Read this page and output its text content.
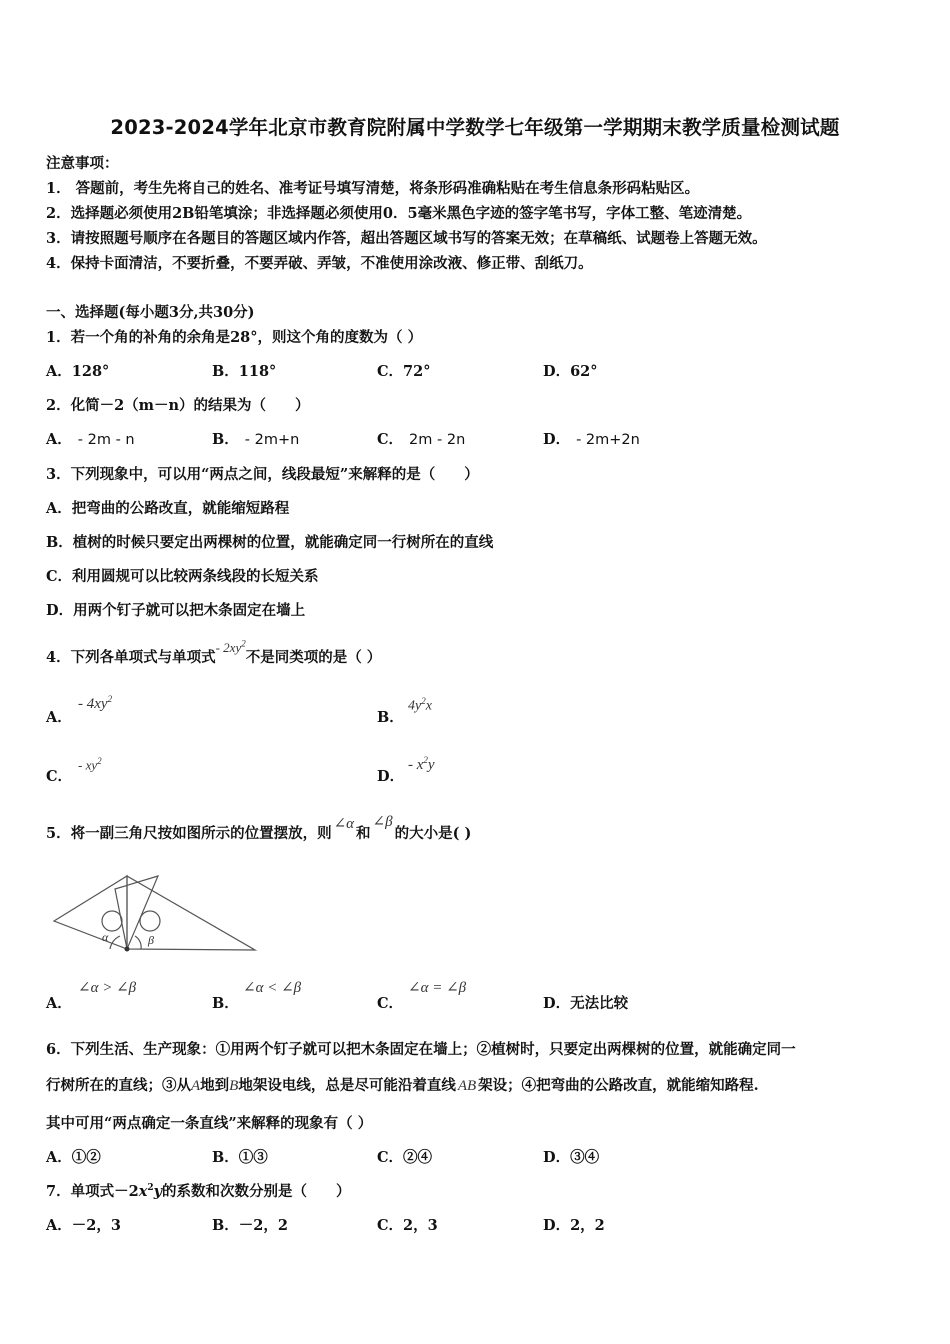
2023-2024学年北京市教育院附属中学数学七年级第一学期期末教学质量检测试题
注意事项：
1． 答题前，考生先将自己的姓名、准考证号填写清楚，将条形码准确粘贴在考生信息条形码粘贴区。
2．选择题必须使用2B铅笔填涂；非选择题必须使用0．5毫米黑色字迹的签字笔书写，字体工整、笔迹清楚。
3．请按照题号顺序在各题目的答题区域内作答，超出答题区域书写的答案无效；在草稿纸、试题卷上答题无效。
4．保持卡面清洁，不要折叠，不要弄破、弄皱，不准使用涂改液、修正带、刮纸刀。
一、选择题(每小题3分,共30分)
1．若一个角的补角的余角是28°，则这个角的度数为（ ）
A．128°	B．118°	C．72°	D．62°
2．化简－2（m－n）的结果为（　　）
A． - 2m - n	B． - 2m+n	C． 2m - 2n	D． - 2m+2n
3．下列现象中，可以用“两点之间，线段最短”来解释的是（　　）
A．把弯曲的公路改直，就能缩短路程
B．植树的时候只要定出两棵树的位置，就能确定同一行树所在的直线
C．利用圆规可以比较两条线段的长短关系
D．用两个钉子就可以把木条固定在墙上
4．下列各单项式与单项式- $2xy^2$不是同类项的是（ ）
A．
- $4xy^2$
B．
$4y^2x$
C．
- $xy^2$
D．
- $x^2y$
5．将一副三角尺按如图所示的位置摆放，则∠α和∠β的大小是( )
α	β
A．
∠α > ∠β
B．
∠α < ∠β
C．
∠α = ∠β
D．无法比较
6．下列生活、生产现象：①用两个钉子就可以把木条固定在墙上；②植树时，只要定出两棵树的位置，就能确定同一
行树所在的直线；③从A地到B地架设电线，总是尽可能沿着直线 AB 架设；④把弯曲的公路改直，就能缩知路程.
其中可用“两点确定一条直线”来解释的现象有（ ）
A．①②	B．①③	C．②④	D．③④
7．单项式$-2x^2y$的系数和次数分别是（　　）
A．－2，3	B．－2，2	C．2，3	D．2，2
